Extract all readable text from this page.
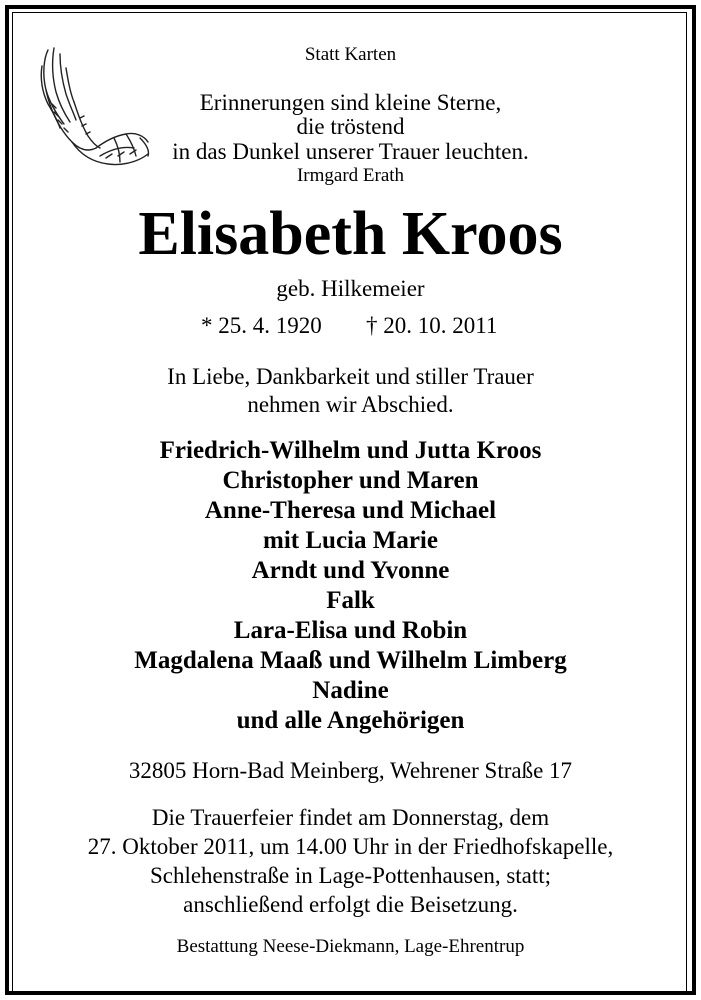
Statt Karten
Erinnerungen sind kleine Sterne,
die tröstend
in das Dunkel unserer Trauer leuchten.
Irmgard Erath
Elisabeth Kroos
geb. Hilkemeier
* 25. 4. 1920 † 20. 10. 2011
In Liebe, Dankbarkeit und stiller Trauer
nehmen wir Abschied.
Friedrich-Wilhelm und Jutta Kroos
Christopher und Maren
Anne-Theresa und Michael
mit Lucia Marie
Arndt und Yvonne
Falk
Lara-Elisa und Robin
Magdalena Maaß und Wilhelm Limberg
Nadine
und alle Angehörigen
32805 Horn-Bad Meinberg, Wehrener Straße 17
Die Trauerfeier findet am Donnerstag, dem
27. Oktober 2011, um 14.00 Uhr in der Friedhofskapelle,
Schlehenstraße in Lage-Pottenhausen, statt;
anschließend erfolgt die Beisetzung.
Bestattung Neese-Diekmann, Lage-Ehrentrup
